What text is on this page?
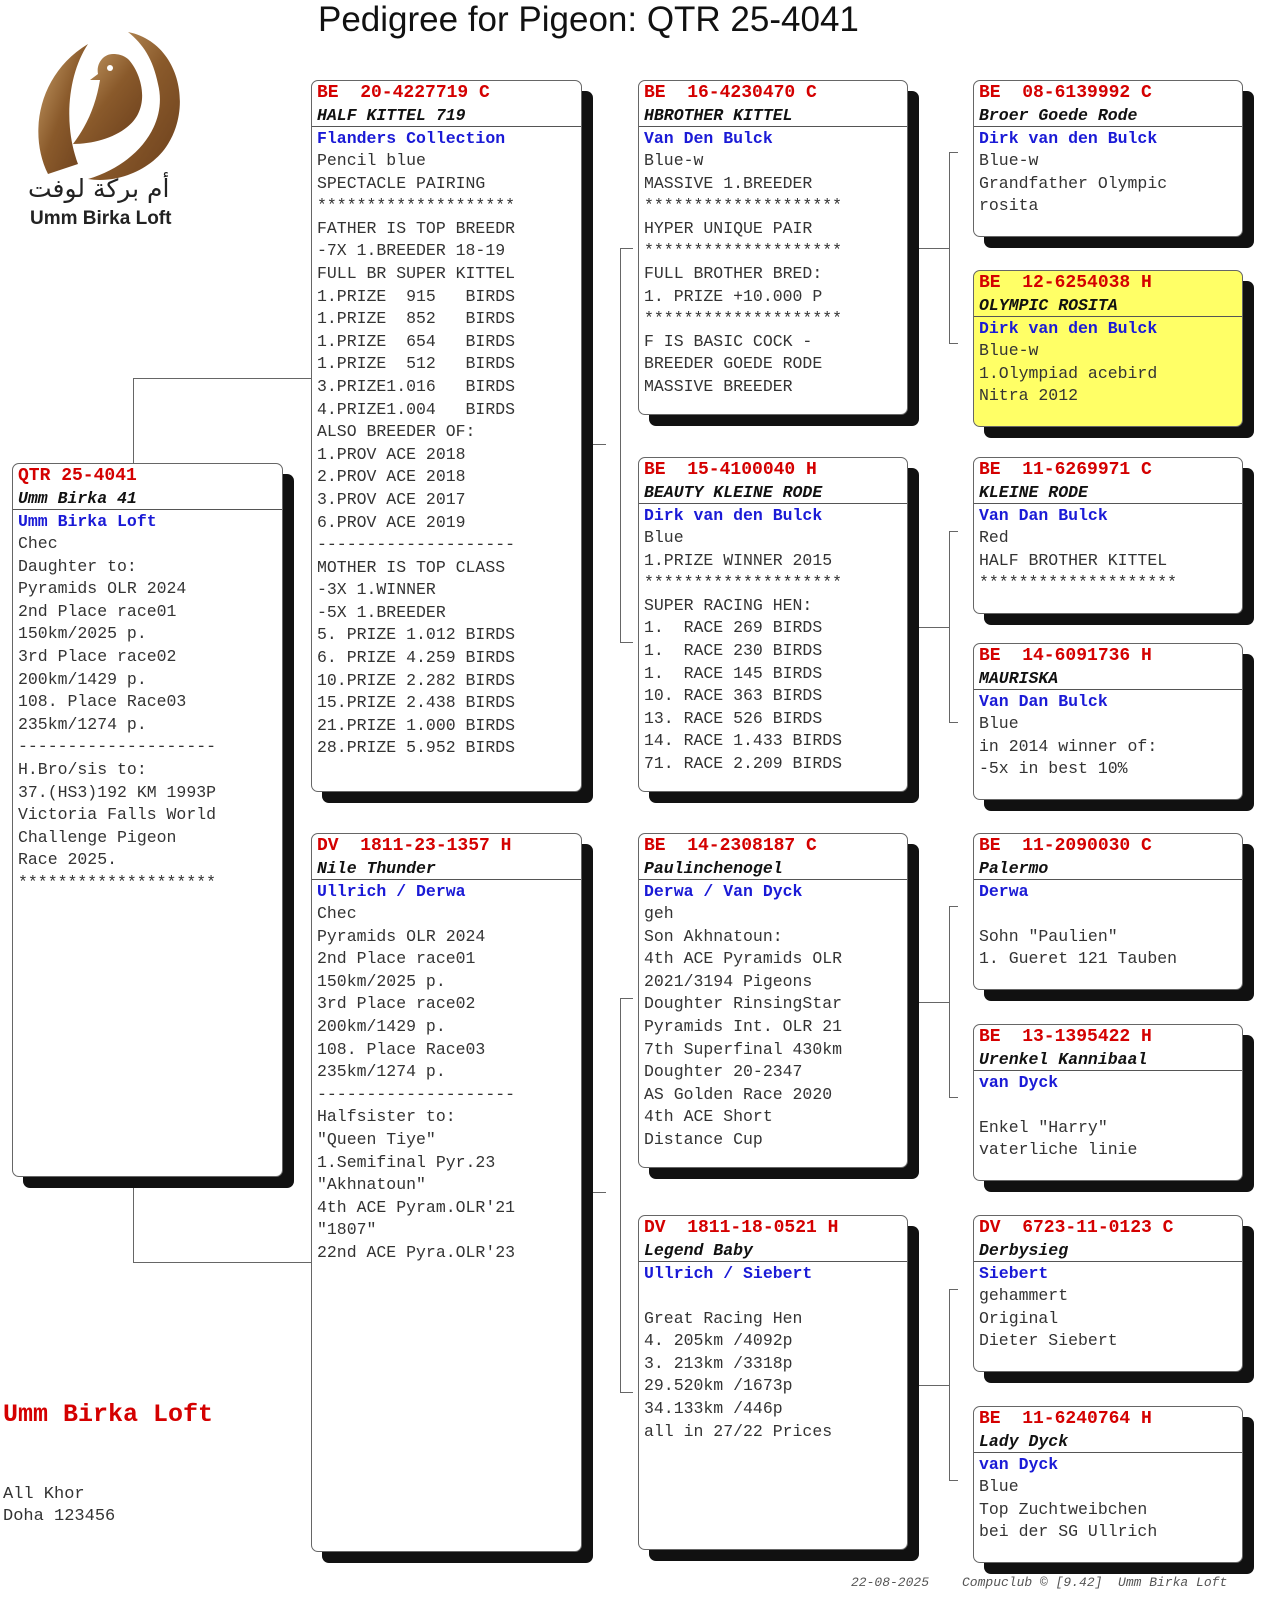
Pedigree for Pigeon: QTR 25-4041
أم بركة لوفت
Umm Birka Loft
QTR 25-4041
Umm Birka 41
Umm Birka Loft
Chec
Daughter to:
Pyramids OLR 2024
2nd Place race01
150km/2025 p.
3rd Place race02
200km/1429 p.
108. Place Race03
235km/1274 p.
--------------------
H.Bro/sis to:
37.(HS3)192 KM 1993P
Victoria Falls World
Challenge Pigeon
Race 2025.
********************
BE  20-4227719 C
HALF KITTEL 719
Flanders Collection
Pencil blue
SPECTACLE PAIRING
********************
FATHER IS TOP BREEDR
-7X 1.BREEDER 18-19
FULL BR SUPER KITTEL
1.PRIZE  915   BIRDS
1.PRIZE  852   BIRDS
1.PRIZE  654   BIRDS
1.PRIZE  512   BIRDS
3.PRIZE1.016   BIRDS
4.PRIZE1.004   BIRDS
ALSO BREEDER OF:
1.PROV ACE 2018
2.PROV ACE 2018
3.PROV ACE 2017
6.PROV ACE 2019
--------------------
MOTHER IS TOP CLASS
-3X 1.WINNER
-5X 1.BREEDER
5. PRIZE 1.012 BIRDS
6. PRIZE 4.259 BIRDS
10.PRIZE 2.282 BIRDS
15.PRIZE 2.438 BIRDS
21.PRIZE 1.000 BIRDS
28.PRIZE 5.952 BIRDS
DV  1811-23-1357 H
Nile Thunder
Ullrich / Derwa
Chec
Pyramids OLR 2024
2nd Place race01
150km/2025 p.
3rd Place race02
200km/1429 p.
108. Place Race03
235km/1274 p.
--------------------
Halfsister to:
"Queen Tiye"
1.Semifinal Pyr.23
"Akhnatoun"
4th ACE Pyram.OLR'21
"1807"
22nd ACE Pyra.OLR'23
BE  16-4230470 C
HBROTHER KITTEL
Van Den Bulck
Blue-w
MASSIVE 1.BREEDER
********************
HYPER UNIQUE PAIR
********************
FULL BROTHER BRED:
1. PRIZE +10.000 P
********************
F IS BASIC COCK -
BREEDER GOEDE RODE
MASSIVE BREEDER
BE  15-4100040 H
BEAUTY KLEINE RODE
Dirk van den Bulck
Blue
1.PRIZE WINNER 2015
********************
SUPER RACING HEN:
1.  RACE 269 BIRDS
1.  RACE 230 BIRDS
1.  RACE 145 BIRDS
10. RACE 363 BIRDS
13. RACE 526 BIRDS
14. RACE 1.433 BIRDS
71. RACE 2.209 BIRDS
BE  14-2308187 C
Paulinchenogel
Derwa / Van Dyck
geh
Son Akhnatoun:
4th ACE Pyramids OLR
2021/3194 Pigeons
Doughter RinsingStar
Pyramids Int. OLR 21
7th Superfinal 430km
Doughter 20-2347
AS Golden Race 2020
4th ACE Short
Distance Cup
DV  1811-18-0521 H
Legend Baby
Ullrich / Siebert
Great Racing Hen
4. 205km /4092p
3. 213km /3318p
29.520km /1673p
34.133km /446p
all in 27/22 Prices
BE  08-6139992 C
Broer Goede Rode
Dirk van den Bulck
Blue-w
Grandfather Olympic
rosita
BE  12-6254038 H
OLYMPIC ROSITA
Dirk van den Bulck
Blue-w
1.Olympiad acebird
Nitra 2012
BE  11-6269971 C
KLEINE RODE
Van Dan Bulck
Red
HALF BROTHER KITTEL
********************
BE  14-6091736 H
MAURISKA
Van Dan Bulck
Blue
in 2014 winner of:
-5x in best 10%
BE  11-2090030 C
Palermo
Derwa
Sohn "Paulien"
1. Gueret 121 Tauben
BE  13-1395422 H
Urenkel Kannibaal
van Dyck
Enkel "Harry"
vaterliche linie
DV  6723-11-0123 C
Derbysieg
Siebert
gehammert
Original
Dieter Siebert
BE  11-6240764 H
Lady Dyck
van Dyck
Blue
Top Zuchtweibchen
bei der SG Ullrich
Umm Birka Loft
All Khor
Doha 123456
22-08-2025	Compuclub © [9.42]  Umm Birka Loft
